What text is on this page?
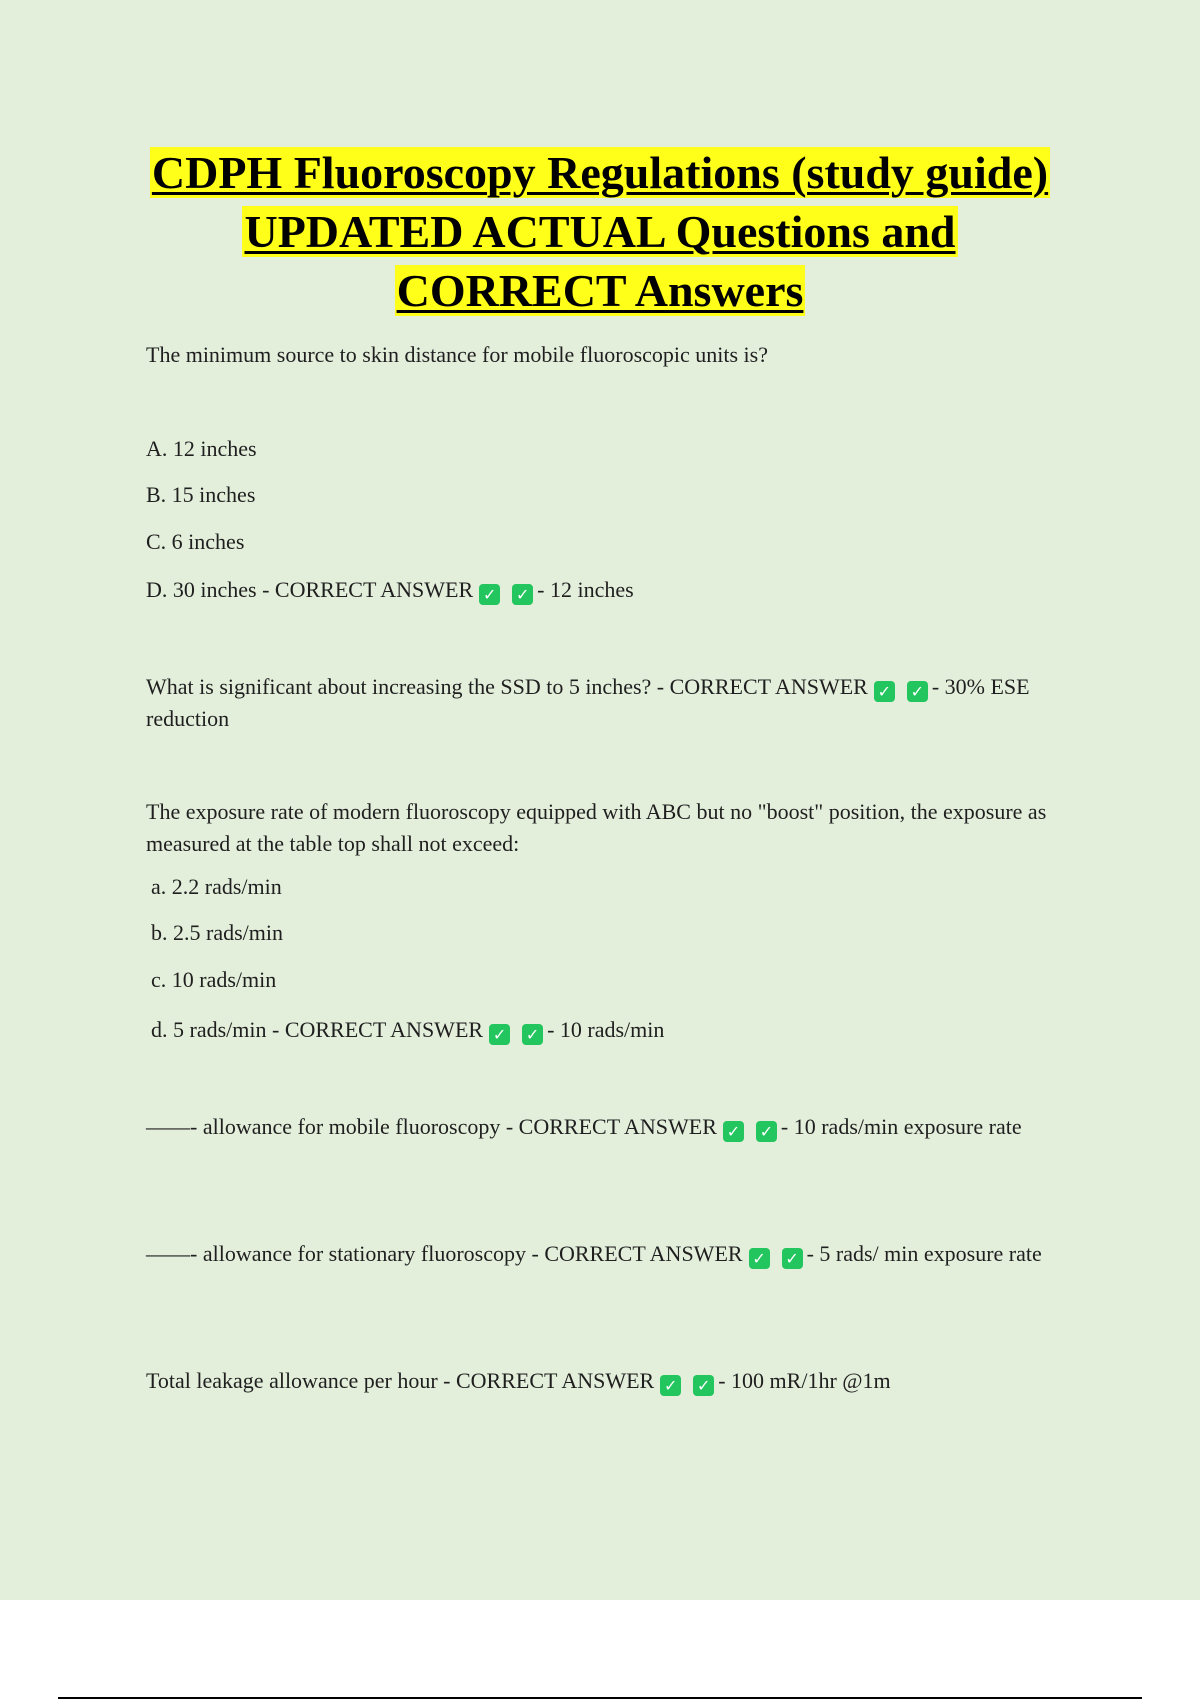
CDPH Fluoroscopy Regulations (study guide)
UPDATED ACTUAL Questions and
CORRECT Answers

The minimum source to skin distance for mobile fluoroscopic units is?

A. 12 inches

B. 15 inches

C. 6 inches

D. 30 inches - CORRECT ANSWER ✓ ✓ - 12 inches

What is significant about increasing the SSD to 5 inches? - CORRECT ANSWER ✓ ✓ - 30% ESE reduction

The exposure rate of modern fluoroscopy equipped with ABC but no "boost" position, the exposure as measured at the table top shall not exceed:

a. 2.2 rads/min

b. 2.5 rads/min

c. 10 rads/min

d. 5 rads/min - CORRECT ANSWER ✓ ✓ - 10 rads/min

——- allowance for mobile fluoroscopy - CORRECT ANSWER ✓ ✓ - 10 rads/min exposure rate

——- allowance for stationary fluoroscopy - CORRECT ANSWER ✓ ✓ - 5 rads/ min exposure rate

Total leakage allowance per hour - CORRECT ANSWER ✓ ✓ - 100 mR/1hr @1m
